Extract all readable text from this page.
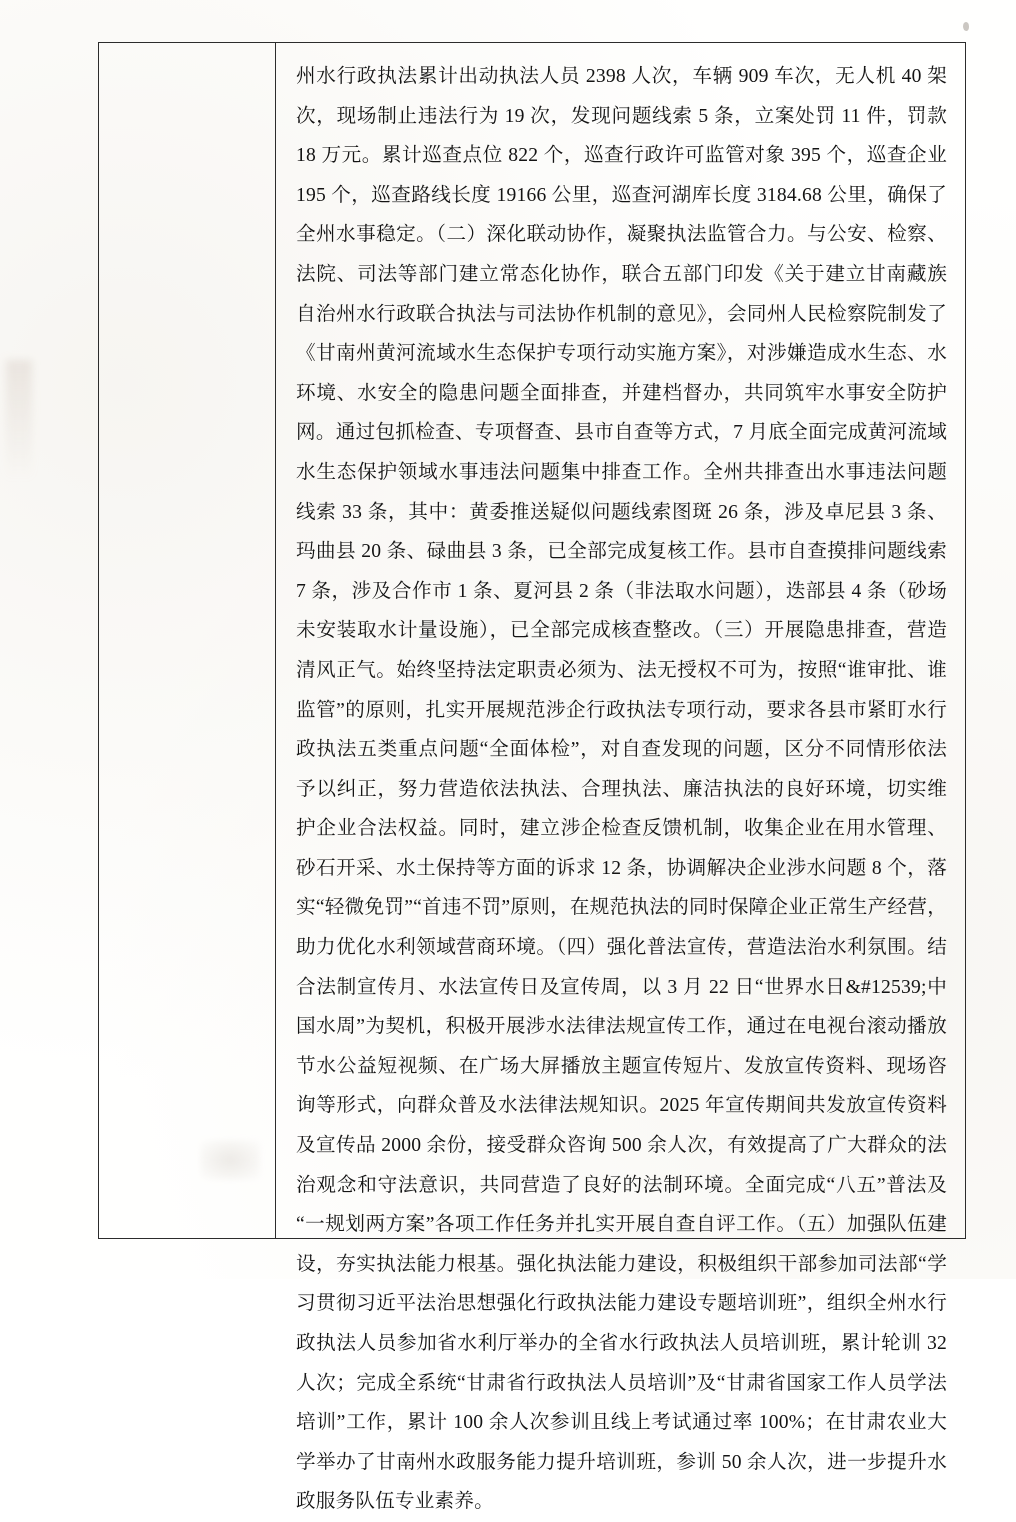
州水行政执法累计出动执法人员 2398 人次，车辆 909 车次，无人机 40 架次，现场制止违法行为 19 次，发现问题线索 5 条，立案处罚 11 件，罚款 18 万元。累计巡查点位 822 个，巡查行政许可监管对象 395 个，巡查企业 195 个，巡查路线长度 19166 公里，巡查河湖库长度 3184.68 公里，确保了全州水事稳定。（二）深化联动协作，凝聚执法监管合力。与公安、检察、法院、司法等部门建立常态化协作，联合五部门印发《关于建立甘南藏族自治州水行政联合执法与司法协作机制的意见》，会同州人民检察院制发了《甘南州黄河流域水生态保护专项行动实施方案》，对涉嫌造成水生态、水环境、水安全的隐患问题全面排查，并建档督办，共同筑牢水事安全防护网。通过包抓检查、专项督查、县市自查等方式，7 月底全面完成黄河流域水生态保护领域水事违法问题集中排查工作。全州共排查出水事违法问题线索 33 条，其中：黄委推送疑似问题线索图斑 26 条，涉及卓尼县 3 条、玛曲县 20 条、碌曲县 3 条，已全部完成复核工作。县市自查摸排问题线索 7 条，涉及合作市 1 条、夏河县 2 条（非法取水问题），迭部县 4 条（砂场未安装取水计量设施），已全部完成核查整改。（三）开展隐患排查，营造清风正气。始终坚持法定职责必须为、法无授权不可为，按照“谁审批、谁监管”的原则，扎实开展规范涉企行政执法专项行动，要求各县市紧盯水行政执法五类重点问题“全面体检”，对自查发现的问题，区分不同情形依法予以纠正，努力营造依法执法、合理执法、廉洁执法的良好环境，切实维护企业合法权益。同时，建立涉企检查反馈机制，收集企业在用水管理、砂石开采、水土保持等方面的诉求 12 条，协调解决企业涉水问题 8 个，落实“轻微免罚”“首违不罚”原则，在规范执法的同时保障企业正常生产经营，助力优化水利领域营商环境。（四）强化普法宣传，营造法治水利氛围。结合法制宣传月、水法宣传日及宣传周，以 3 月 22 日“世界水日&#12539;中国水周”为契机，积极开展涉水法律法规宣传工作，通过在电视台滚动播放节水公益短视频、在广场大屏播放主题宣传短片、发放宣传资料、现场咨询等形式，向群众普及水法律法规知识。2025 年宣传期间共发放宣传资料及宣传品 2000 余份，接受群众咨询 500 余人次，有效提高了广大群众的法治观念和守法意识，共同营造了良好的法制环境。全面完成“八五”普法及“一规划两方案”各项工作任务并扎实开展自查自评工作。（五）加强队伍建设，夯实执法能力根基。强化执法能力建设，积极组织干部参加司法部“学习贯彻习近平法治思想强化行政执法能力建设专题培训班”，组织全州水行政执法人员参加省水利厅举办的全省水行政执法人员培训班，累计轮训 32 人次；完成全系统“甘肃省行政执法人员培训”及“甘肃省国家工作人员学法培训”工作，累计 100 余人次参训且线上考试通过率 100%；在甘肃农业大学举办了甘南州水政服务能力提升培训班，参训 50 余人次，进一步提升水政服务队伍专业素养。
